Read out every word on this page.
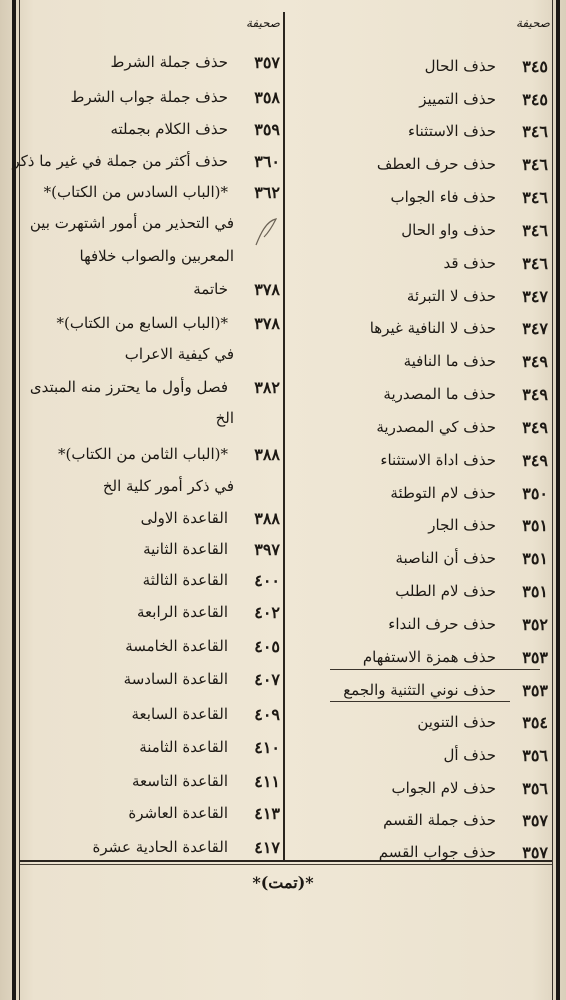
صحيفة
صحيفة
٣٤٥
حذف الحال
٣٤٥
حذف التمييز
٣٤٦
حذف الاستثناء
٣٤٦
حذف حرف العطف
٣٤٦
حذف فاء الجواب
٣٤٦
حذف واو الحال
٣٤٦
حذف قد
٣٤٧
حذف لا التبرئة
٣٤٧
حذف لا النافية غيرها
٣٤٩
حذف ما النافية
٣٤٩
حذف ما المصدرية
٣٤٩
حذف كي المصدرية
٣٤٩
حذف اداة الاستثناء
٣٥٠
حذف لام التوطئة
٣٥١
حذف الجار
٣٥١
حذف أن الناصبة
٣٥١
حذف لام الطلب
٣٥٢
حذف حرف النداء
٣٥٣
حذف همزة الاستفهام
٣٥٣
حذف نوني التثنية والجمع
٣٥٤
حذف التنوين
٣٥٦
حذف أل
٣٥٦
حذف لام الجواب
٣٥٧
حذف جملة القسم
٣٥٧
حذف جواب القسم
٣٥٧
حذف جملة الشرط
٣٥٨
حذف جملة جواب الشرط
٣٥٩
حذف الكلام بجملته
٣٦٠
حذف أكثر من جملة في غير ما ذكر
٣٦٢
*(الباب السادس من الكتاب)*
في التحذير من أمور اشتهرت بين
المعربين والصواب خلافها
٣٧٨
خاتمة
٣٧٨
*(الباب السابع من الكتاب)*
في كيفية الاعراب
٣٨٢
فصل وأول ما يحترز منه المبتدى
الخ
٣٨٨
*(الباب الثامن من الكتاب)*
في ذكر أمور كلية الخ
٣٨٨
القاعدة الاولى
٣٩٧
القاعدة الثانية
٤٠٠
القاعدة الثالثة
٤٠٢
القاعدة الرابعة
٤٠٥
القاعدة الخامسة
٤٠٧
القاعدة السادسة
٤٠٩
القاعدة السابعة
٤١٠
القاعدة الثامنة
٤١١
القاعدة التاسعة
٤١٣
القاعدة العاشرة
٤١٧
القاعدة الحادية عشرة
*(تمت)*
